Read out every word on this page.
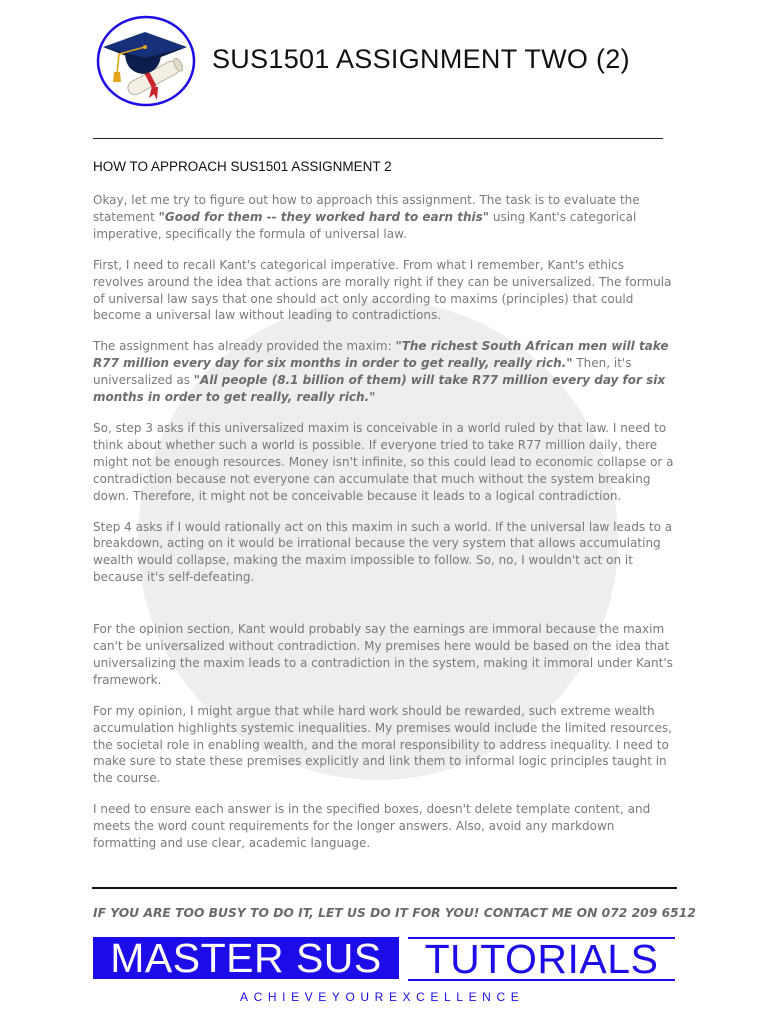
SUS1501 ASSIGNMENT TWO (2)
HOW TO APPROACH SUS1501 ASSIGNMENT 2

Okay, let me try to figure out how to approach this assignment. The task is to evaluate the statement "Good for them -- they worked hard to earn this" using Kant's categorical imperative, specifically the formula of universal law.

First, I need to recall Kant's categorical imperative. From what I remember, Kant's ethics revolves around the idea that actions are morally right if they can be universalized. The formula of universal law says that one should act only according to maxims (principles) that could become a universal law without leading to contradictions.

The assignment has already provided the maxim: "The richest South African men will take R77 million every day for six months in order to get really, really rich." Then, it's universalized as "All people (8.1 billion of them) will take R77 million every day for six months in order to get really, really rich."

So, step 3 asks if this universalized maxim is conceivable in a world ruled by that law. I need to think about whether such a world is possible. If everyone tried to take R77 million daily, there might not be enough resources. Money isn't infinite, so this could lead to economic collapse or a contradiction because not everyone can accumulate that much without the system breaking down. Therefore, it might not be conceivable because it leads to a logical contradiction.

Step 4 asks if I would rationally act on this maxim in such a world. If the universal law leads to a breakdown, acting on it would be irrational because the very system that allows accumulating wealth would collapse, making the maxim impossible to follow. So, no, I wouldn't act on it because it's self-defeating.

For the opinion section, Kant would probably say the earnings are immoral because the maxim can't be universalized without contradiction. My premises here would be based on the idea that universalizing the maxim leads to a contradiction in the system, making it immoral under Kant's framework.

For my opinion, I might argue that while hard work should be rewarded, such extreme wealth accumulation highlights systemic inequalities. My premises would include the limited resources, the societal role in enabling wealth, and the moral responsibility to address inequality. I need to make sure to state these premises explicitly and link them to informal logic principles taught in the course.

I need to ensure each answer is in the specified boxes, doesn't delete template content, and meets the word count requirements for the longer answers. Also, avoid any markdown formatting and use clear, academic language.

IF YOU ARE TOO BUSY TO DO IT, LET US DO IT FOR YOU! CONTACT ME ON 072 209 6512

MASTER SUS	TUTORIALS

ACHIEVEYOUREXCELLENCE
